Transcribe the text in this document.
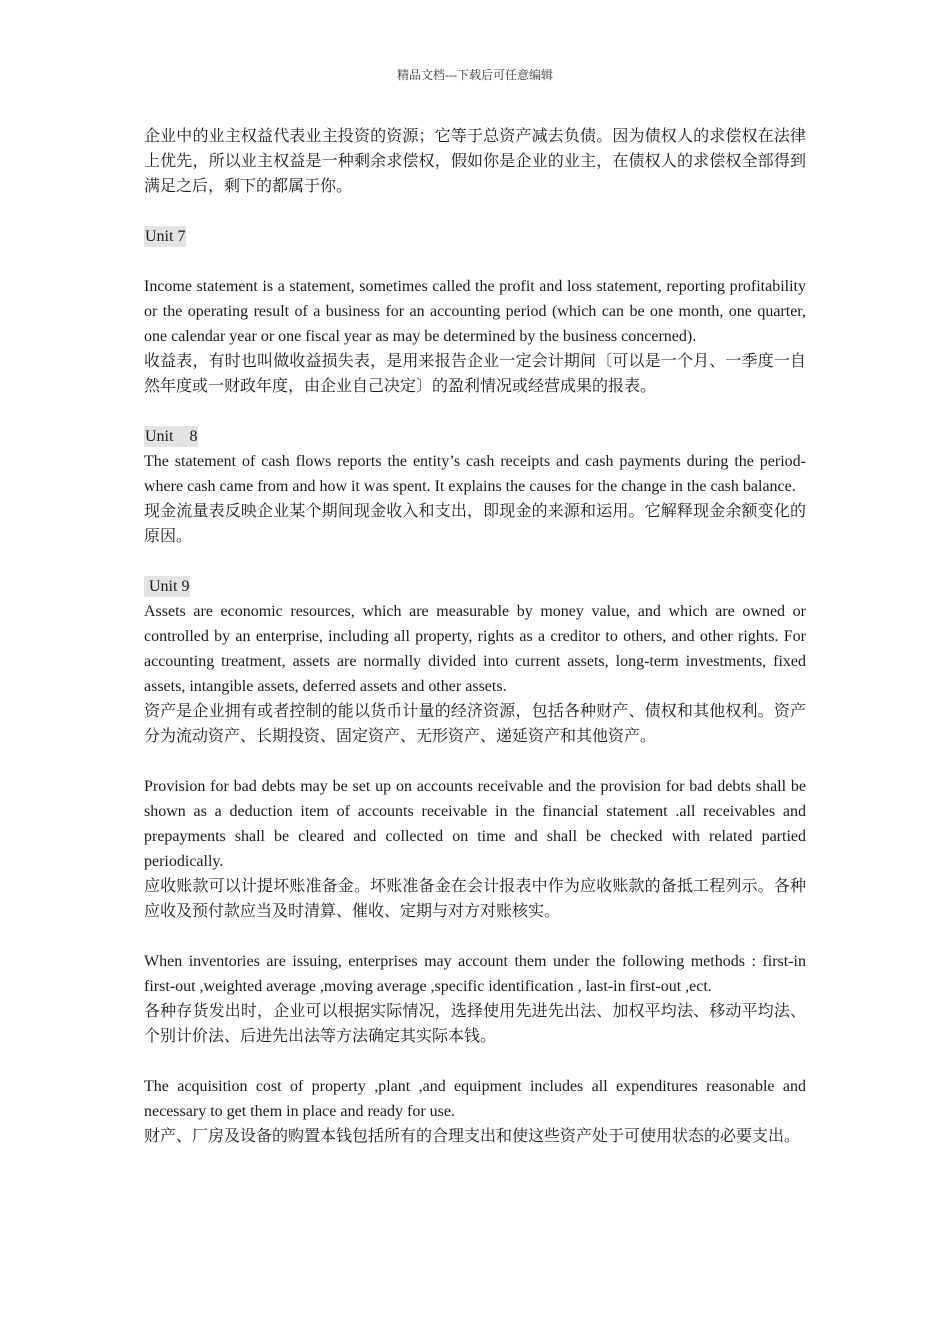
精品文档---下载后可任意编辑

企业中的业主权益代表业主投资的资源；它等于总资产减去负债。因为债权人的求偿权在法律上优先，所以业主权益是一种剩余求偿权，假如你是企业的业主，在债权人的求偿权全部得到满足之后，剩下的都属于你。

Unit 7

Income statement is a statement, sometimes called the profit and loss statement, reporting profitability or the operating result of a business for an accounting period (which can be one month, one quarter, one calendar year or one fiscal year as may be determined by the business concerned).

收益表，有时也叫做收益损失表，是用来报告企业一定会计期间〔可以是一个月、一季度一自然年度或一财政年度，由企业自己决定〕的盈利情况或经营成果的报表。

Unit　8

The statement of cash flows reports the entity’s cash receipts and cash payments during the period-where cash came from and how it was spent. It explains the causes for the change in the cash balance.

现金流量表反映企业某个期间现金收入和支出，即现金的来源和运用。它解释现金余额变化的原因。

Unit 9

Assets are economic resources, which are measurable by money value, and which are owned or controlled by an enterprise, including all property, rights as a creditor to others, and other rights. For accounting treatment, assets are normally divided into current assets, long-term investments, fixed assets, intangible assets, deferred assets and other assets.

资产是企业拥有或者控制的能以货币计量的经济资源，包括各种财产、债权和其他权利。资产分为流动资产、长期投资、固定资产、无形资产、递延资产和其他资产。

Provision for bad debts may be set up on accounts receivable and the provision for bad debts shall be shown as a deduction item of accounts receivable in the financial statement .all receivables and prepayments shall be cleared and collected on time and shall be checked with related partied periodically.

应收账款可以计提坏账准备金。坏账准备金在会计报表中作为应收账款的备抵工程列示。各种应收及预付款应当及时清算、催收、定期与对方对账核实。

When inventories are issuing, enterprises may account them under the following methods : first-in first-out ,weighted average ,moving average ,specific identification , last-in first-out ,ect.

各种存货发出时，企业可以根据实际情况，选择使用先进先出法、加权平均法、移动平均法、个别计价法、后进先出法等方法确定其实际本钱。

The acquisition cost of property ,plant ,and equipment includes all expenditures reasonable and necessary to get them in place and ready for use.

财产、厂房及设备的购置本钱包括所有的合理支出和使这些资产处于可使用状态的必要支出。
